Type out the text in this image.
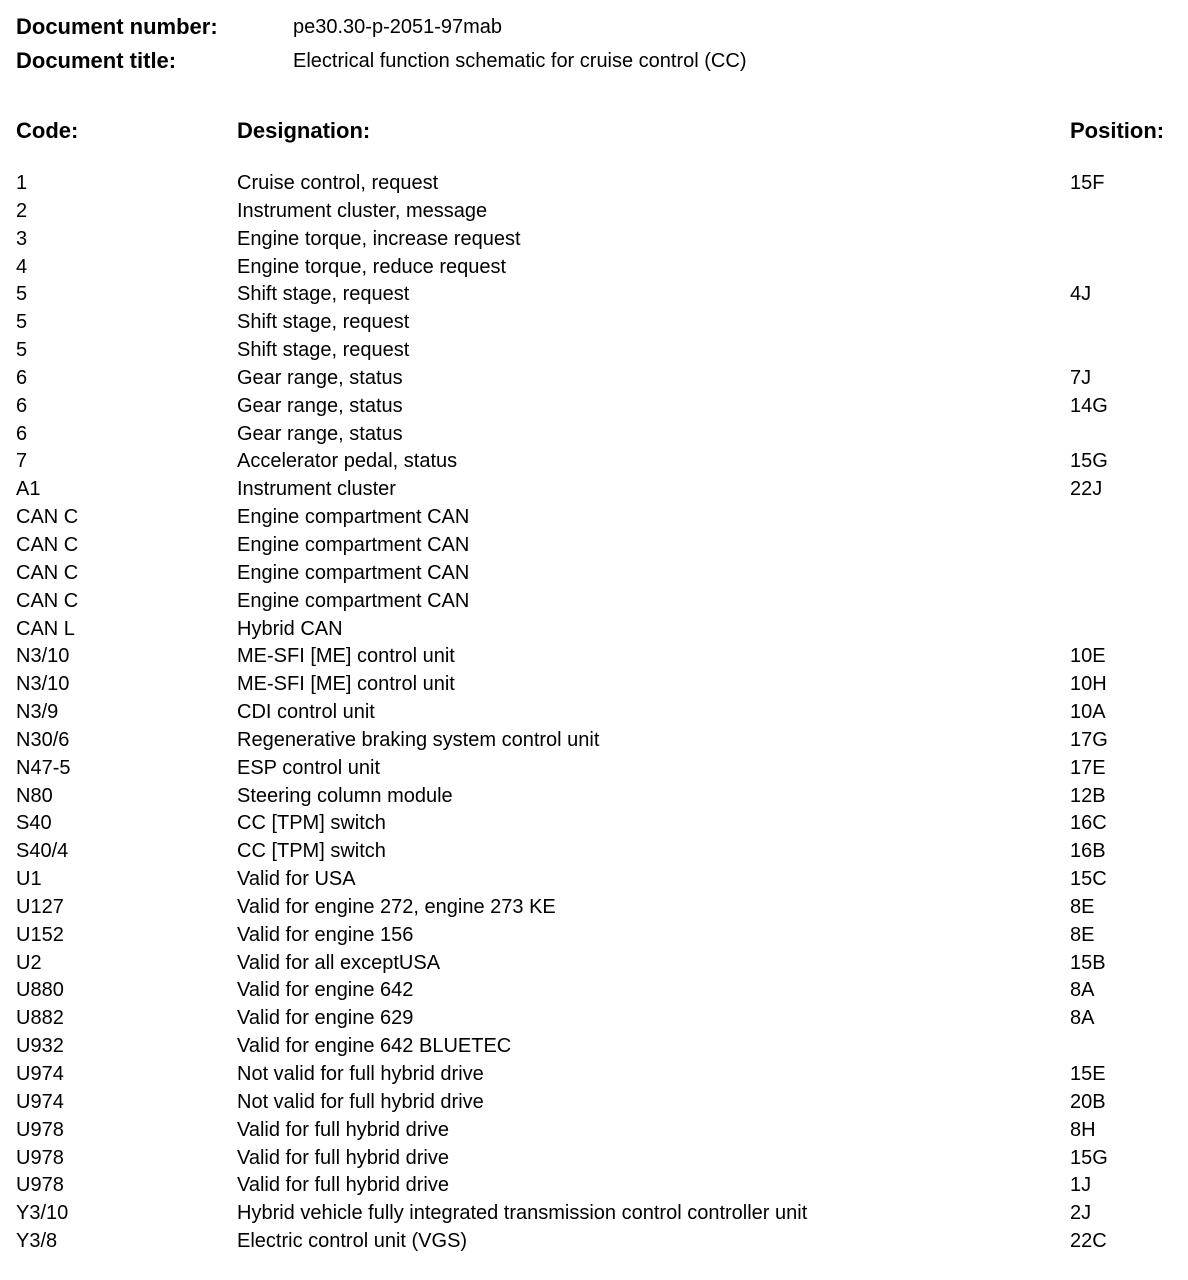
Document number:	pe30.30-p-2051-97mab
Document title:	Electrical function schematic for cruise control (CC)
Code:	Designation:	Position:
1	Cruise control, request	15F
2	Instrument cluster, message
3	Engine torque, increase request
4	Engine torque, reduce request
5	Shift stage, request	4J
5	Shift stage, request
5	Shift stage, request
6	Gear range, status	7J
6	Gear range, status	14G
6	Gear range, status
7	Accelerator pedal, status	15G
A1	Instrument cluster	22J
CAN C	Engine compartment CAN
CAN C	Engine compartment CAN
CAN C	Engine compartment CAN
CAN C	Engine compartment CAN
CAN L	Hybrid CAN
N3/10	ME-SFI [ME] control unit	10E
N3/10	ME-SFI [ME] control unit	10H
N3/9	CDI control unit	10A
N30/6	Regenerative braking system control unit	17G
N47-5	ESP control unit	17E
N80	Steering column module	12B
S40	CC [TPM] switch	16C
S40/4	CC [TPM] switch	16B
U1	Valid for USA	15C
U127	Valid for engine 272, engine 273 KE	8E
U152	Valid for engine 156	8E
U2	Valid for all exceptUSA	15B
U880	Valid for engine 642	8A
U882	Valid for engine 629	8A
U932	Valid for engine 642 BLUETEC
U974	Not valid for full hybrid drive	15E
U974	Not valid for full hybrid drive	20B
U978	Valid for full hybrid drive	8H
U978	Valid for full hybrid drive	15G
U978	Valid for full hybrid drive	1J
Y3/10	Hybrid vehicle fully integrated transmission control controller unit	2J
Y3/8	Electric control unit (VGS)	22C
